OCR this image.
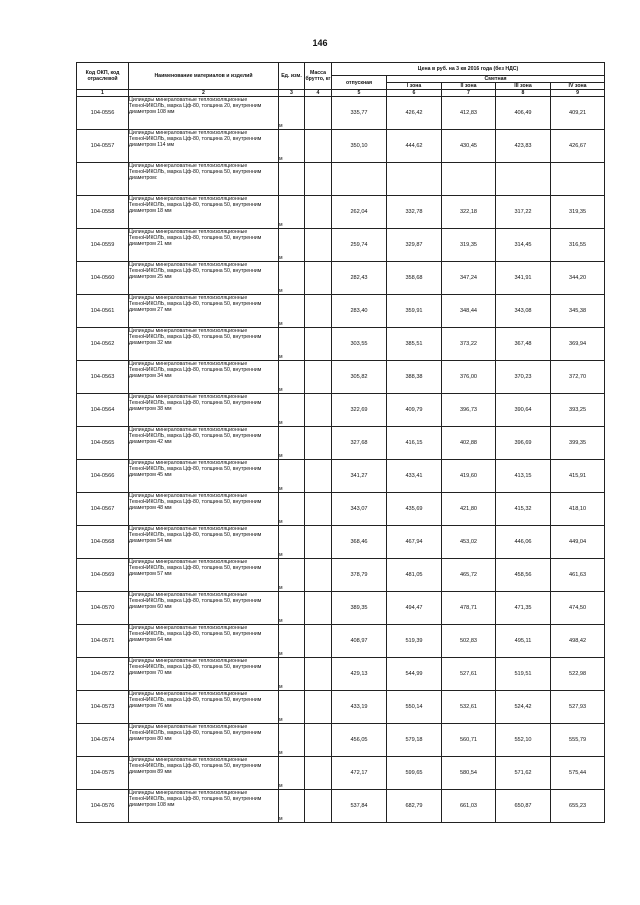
146
Код ОКП, код отраслевой	Наименование материалов и изделий	Ед. изм.	Масса брутто, кг	Цена в руб. на 3 кв 2016 года (без НДС)				
				отпускная	Сметная			
					I зона	II зона	III зона	IV зона
1	2	3	4	5	6	7	8	9
104-0556	Цилиндры минераловатные теплоизоляционные ТехноНИКОЛЬ, марка Цф-80, толщина 20, внутренним диаметром 108 мм	м		335,77	426,42	412,83	406,49	409,21
104-0557	Цилиндры минераловатные теплоизоляционные ТехноНИКОЛЬ, марка Цф-80, толщина 20, внутренним диаметром 114 мм	м		350,10	444,62	430,45	423,83	426,67
	Цилиндры минераловатные теплоизоляционные ТехноНИКОЛЬ, марка Цф-80, толщина 50, внутренним диаметром:							
104-0558	Цилиндры минераловатные теплоизоляционные ТехноНИКОЛЬ, марка Цф-80, толщина 50, внутренним диаметром 18 мм	м		262,04	332,78	322,18	317,22	319,35
104-0559	Цилиндры минераловатные теплоизоляционные ТехноНИКОЛЬ, марка Цф-80, толщина 50, внутренним диаметром 21 мм	м		259,74	329,87	319,35	314,45	316,55
104-0560	Цилиндры минераловатные теплоизоляционные ТехноНИКОЛЬ, марка Цф-80, толщина 50, внутренним диаметром 25 мм	м		282,43	358,68	347,24	341,91	344,20
104-0561	Цилиндры минераловатные теплоизоляционные ТехноНИКОЛЬ, марка Цф-80, толщина 50, внутренним диаметром 27 мм	м		283,40	359,91	348,44	343,08	345,38
104-0562	Цилиндры минераловатные теплоизоляционные ТехноНИКОЛЬ, марка Цф-80, толщина 50, внутренним диаметром 32 мм	м		303,55	385,51	373,22	367,48	369,94
104-0563	Цилиндры минераловатные теплоизоляционные ТехноНИКОЛЬ, марка Цф-80, толщина 50, внутренним диаметром 34 мм	м		305,82	388,38	376,00	370,23	372,70
104-0564	Цилиндры минераловатные теплоизоляционные ТехноНИКОЛЬ, марка Цф-80, толщина 50, внутренним диаметром 38 мм	м		322,69	409,79	396,73	390,64	393,25
104-0565	Цилиндры минераловатные теплоизоляционные ТехноНИКОЛЬ, марка Цф-80, толщина 50, внутренним диаметром 42 мм	м		327,68	416,15	402,88	396,69	399,35
104-0566	Цилиндры минераловатные теплоизоляционные ТехноНИКОЛЬ, марка Цф-80, толщина 50, внутренним диаметром 45 мм	м		341,27	433,41	419,60	413,15	415,91
104-0567	Цилиндры минераловатные теплоизоляционные ТехноНИКОЛЬ, марка Цф-80, толщина 50, внутренним диаметром 48 мм	м		343,07	435,69	421,80	415,32	418,10
104-0568	Цилиндры минераловатные теплоизоляционные ТехноНИКОЛЬ, марка Цф-80, толщина 50, внутренним диаметром 54 мм	м		368,46	467,94	453,02	446,06	449,04
104-0569	Цилиндры минераловатные теплоизоляционные ТехноНИКОЛЬ, марка Цф-80, толщина 50, внутренним диаметром 57 мм	м		378,79	481,05	465,72	458,56	461,63
104-0570	Цилиндры минераловатные теплоизоляционные ТехноНИКОЛЬ, марка Цф-80, толщина 50, внутренним диаметром 60 мм	м		389,35	494,47	478,71	471,35	474,50
104-0571	Цилиндры минераловатные теплоизоляционные ТехноНИКОЛЬ, марка Цф-80, толщина 50, внутренним диаметром 64 мм	м		408,97	519,39	502,83	495,11	498,42
104-0572	Цилиндры минераловатные теплоизоляционные ТехноНИКОЛЬ, марка Цф-80, толщина 50, внутренним диаметром 70 мм	м		429,13	544,99	527,61	519,51	522,98
104-0573	Цилиндры минераловатные теплоизоляционные ТехноНИКОЛЬ, марка Цф-80, толщина 50, внутренним диаметром 76 мм	м		433,19	550,14	532,61	524,42	527,93
104-0574	Цилиндры минераловатные теплоизоляционные ТехноНИКОЛЬ, марка Цф-80, толщина 50, внутренним диаметром 80 мм	м		456,05	579,18	560,71	552,10	555,79
104-0575	Цилиндры минераловатные теплоизоляционные ТехноНИКОЛЬ, марка Цф-80, толщина 50, внутренним диаметром 89 мм	м		472,17	599,65	580,54	571,62	575,44
104-0576	Цилиндры минераловатные теплоизоляционные ТехноНИКОЛЬ, марка Цф-80, толщина 50, внутренним диаметром 108 мм	м		537,84	682,79	661,03	650,87	655,23
